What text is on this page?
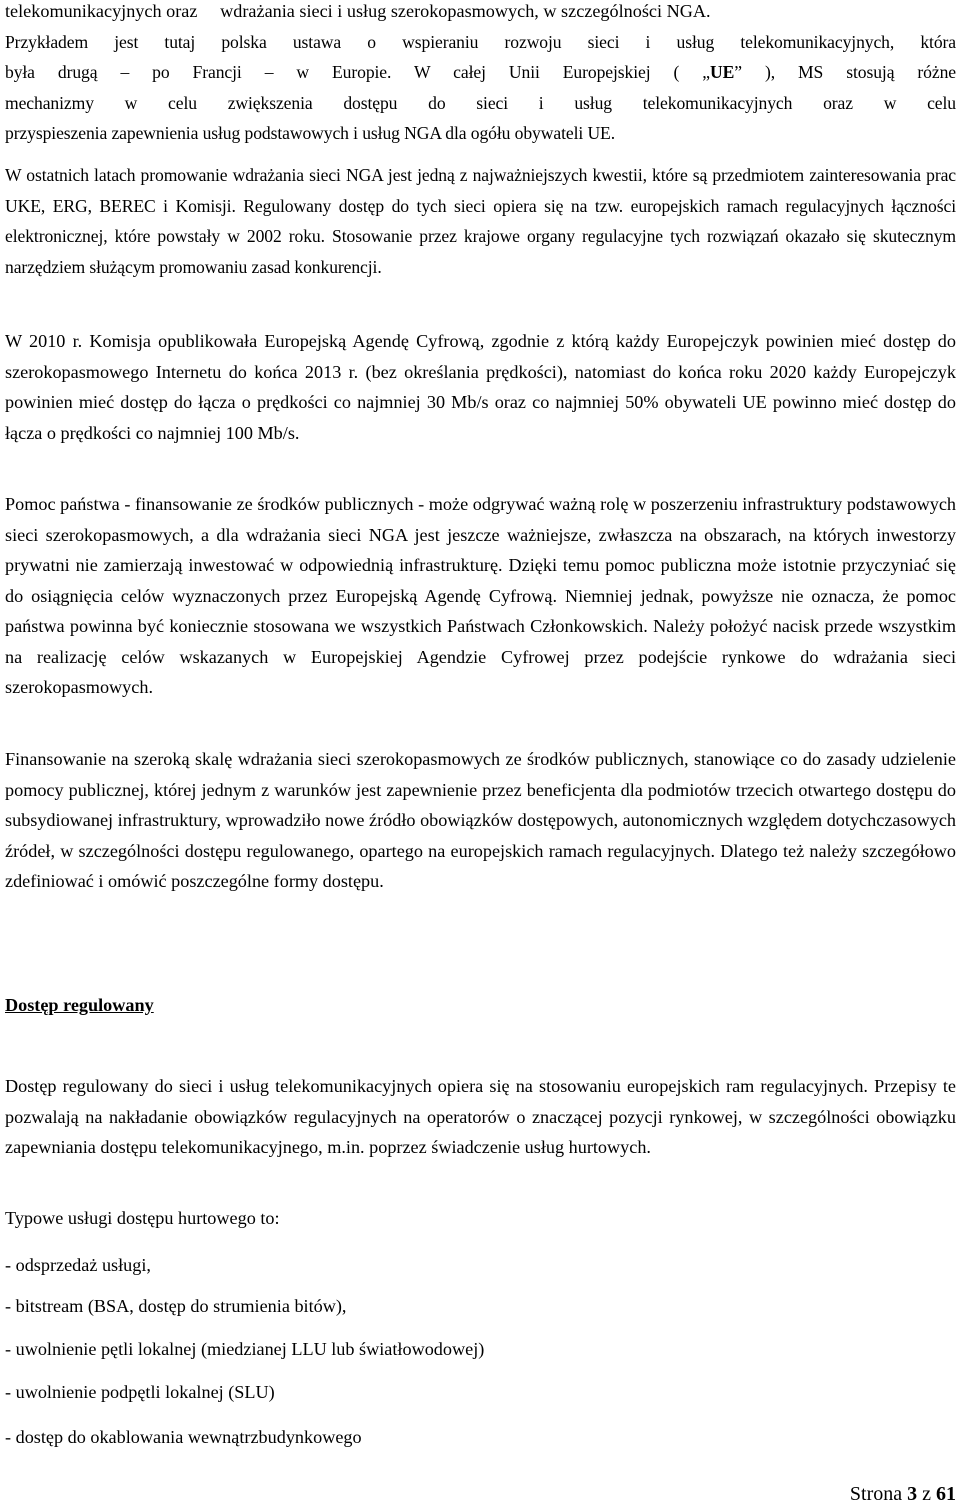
telekomunikacyjnych oraz     wdrażania sieci i usług szerokopasmowych, w szczególności NGA.

Przykładem jest tutaj polska ustawa o wspieraniu rozwoju sieci i usług telekomunikacyjnych, która

była drugą – po Francji – w Europie. W całej Unii Europejskiej ( „UE” ), MS stosują różne

mechanizmy w celu zwiększenia dostępu do sieci i usług telekomunikacyjnych oraz w celu

przyspieszenia zapewnienia usług podstawowych i usług NGA dla ogółu obywateli UE.

W ostatnich latach promowanie wdrażania sieci NGA jest jedną z najważniejszych kwestii, które są przedmiotem zainteresowania prac UKE, ERG, BEREC i Komisji. Regulowany dostęp do tych sieci opiera się na tzw. europejskich ramach regulacyjnych łączności elektronicznej, które powstały w 2002 roku. Stosowanie przez krajowe organy regulacyjne tych rozwiązań okazało się skutecznym narzędziem służącym promowaniu zasad konkurencji.

W 2010 r. Komisja opublikowała Europejską Agendę Cyfrową, zgodnie z którą każdy Europejczyk powinien mieć dostęp do szerokopasmowego Internetu do końca 2013 r. (bez określania prędkości), natomiast do końca roku 2020 każdy Europejczyk powinien mieć dostęp do łącza o prędkości co najmniej 30 Mb/s oraz co najmniej 50% obywateli UE powinno mieć dostęp do łącza o prędkości co najmniej 100 Mb/s.

Pomoc państwa - finansowanie ze środków publicznych - może odgrywać ważną rolę w poszerzeniu infrastruktury podstawowych sieci szerokopasmowych, a dla wdrażania sieci NGA jest jeszcze ważniejsze, zwłaszcza na obszarach, na których inwestorzy prywatni nie zamierzają inwestować w odpowiednią infrastrukturę. Dzięki temu pomoc publiczna może istotnie przyczyniać się do osiągnięcia celów wyznaczonych przez Europejską Agendę Cyfrową. Niemniej jednak, powyższe nie oznacza, że pomoc państwa powinna być koniecznie stosowana we wszystkich Państwach Członkowskich. Należy położyć nacisk przede wszystkim na realizację celów wskazanych w Europejskiej Agendzie Cyfrowej przez podejście rynkowe do wdrażania sieci szerokopasmowych.

Finansowanie na szeroką skalę wdrażania sieci szerokopasmowych ze środków publicznych, stanowiące co do zasady udzielenie pomocy publicznej, której jednym z warunków jest zapewnienie przez beneficjenta dla podmiotów trzecich otwartego dostępu do subsydiowanej infrastruktury, wprowadziło nowe źródło obowiązków dostępowych, autonomicznych względem dotychczasowych źródeł, w szczególności dostępu regulowanego, opartego na europejskich ramach regulacyjnych. Dlatego też należy szczegółowo zdefiniować i omówić poszczególne formy dostępu.

Dostęp regulowany

Dostęp regulowany do sieci i usług telekomunikacyjnych opiera się na stosowaniu europejskich ram regulacyjnych. Przepisy te pozwalają na nakładanie obowiązków regulacyjnych na operatorów o znaczącej pozycji rynkowej, w szczególności obowiązku zapewniania dostępu telekomunikacyjnego, m.in. poprzez świadczenie usług hurtowych.

Typowe usługi dostępu hurtowego to:

- odsprzedaż usługi,
- bitstream (BSA, dostęp do strumienia bitów),
- uwolnienie pętli lokalnej (miedzianej LLU lub światłowodowej)
- uwolnienie podpętli lokalnej (SLU)
- dostęp do okablowania wewnątrzbudynkowego
Strona 3 z 61
